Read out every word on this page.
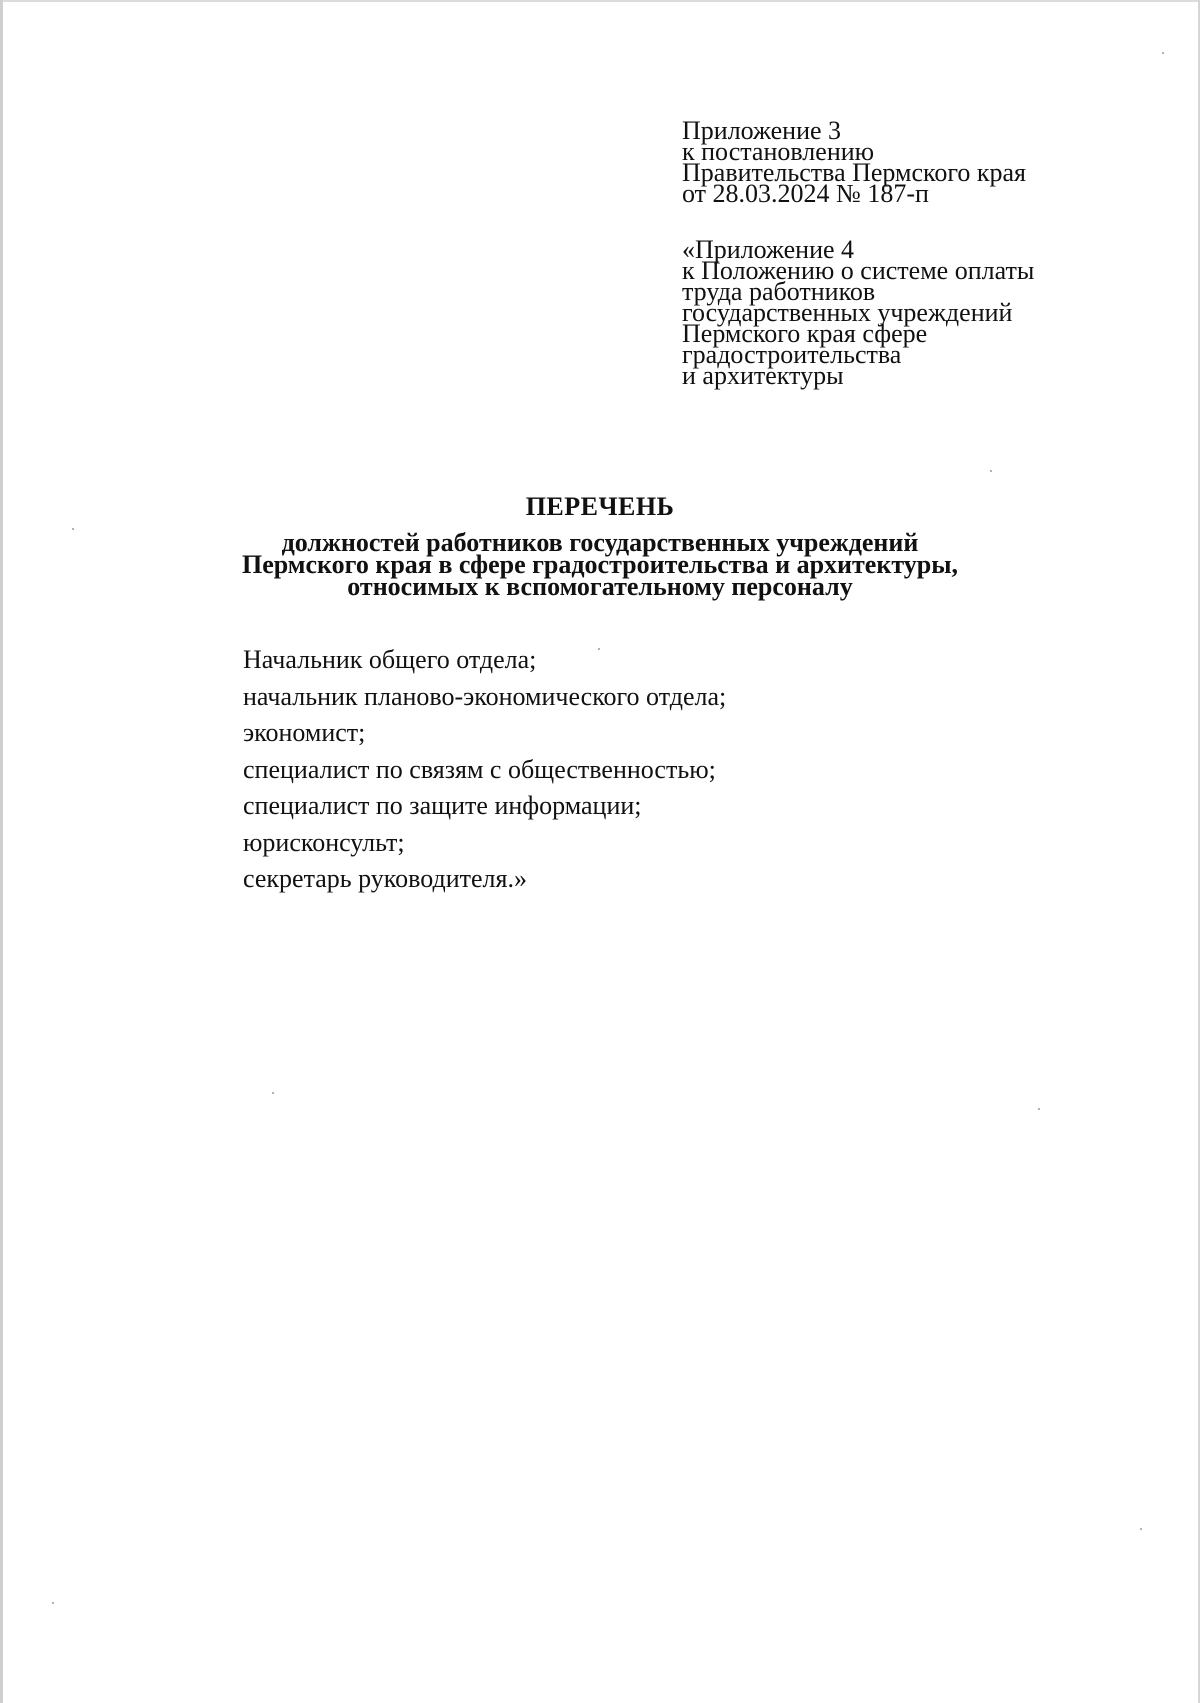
Приложение 3
к постановлению
Правительства Пермского края
от 28.03.2024 № 187-п
«Приложение 4
к Положению о системе оплаты
труда работников
государственных учреждений
Пермского края сфере
градостроительства
и архитектуры
ПЕРЕЧЕНЬ
должностей работников государственных учреждений
Пермского края в сфере градостроительства и архитектуры,
относимых к вспомогательному персоналу
Начальник общего отдела;
начальник планово-экономического отдела;
экономист;
специалист по связям с общественностью;
специалист по защите информации;
юрисконсульт;
секретарь руководителя.»
